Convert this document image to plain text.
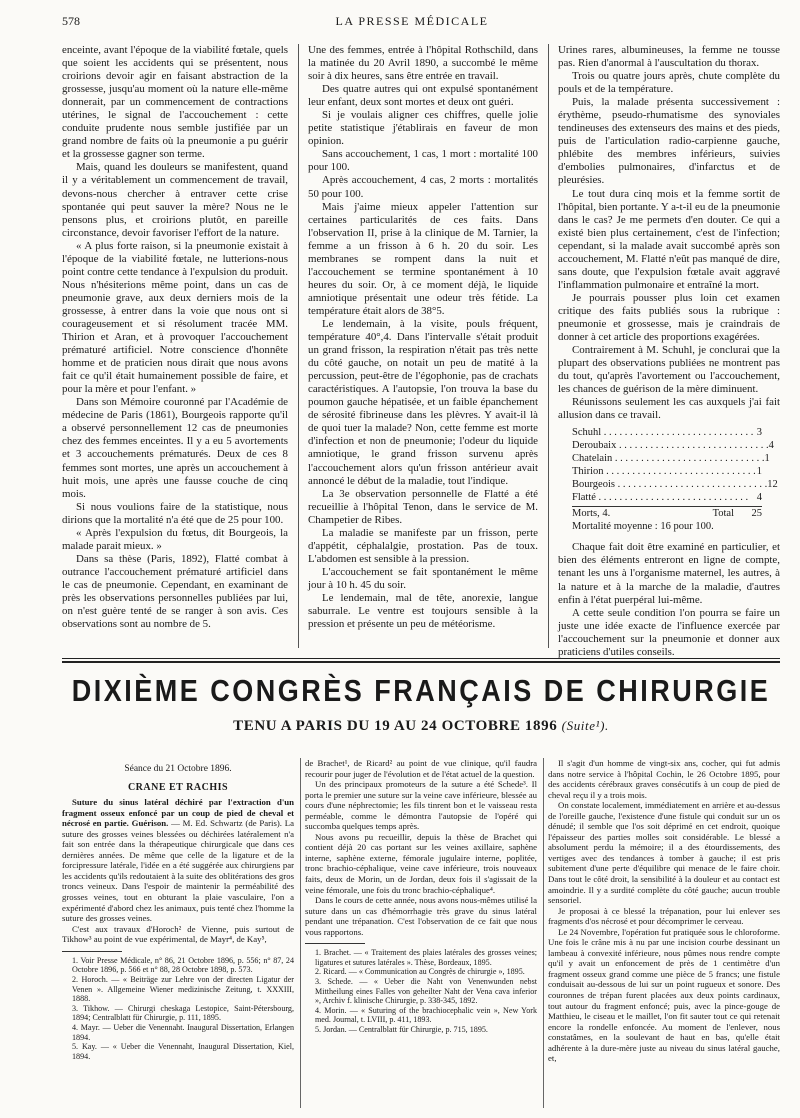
578	LA PRESSE MÉDICALE

enceinte, avant l'époque de la viabilité fœtale, quels que soient les accidents qui se présentent, nous croirions devoir agir en faisant abstraction de la grossesse, jusqu'au moment où la nature elle-même donnerait, par un commencement de contractions utérines, le signal de l'accouchement : cette conduite prudente nous semble justifiée par un grand nombre de faits où la pneumonie a pu guérir et la grossesse gagner son terme.

Mais, quand les douleurs se manifestent, quand il y a véritablement un commencement de travail, devons-nous chercher à entraver cette crise spontanée qui peut sauver la mère? Nous ne le pensons plus, et croirions plutôt, en pareille circonstance, devoir favoriser l'effort de la nature.

« A plus forte raison, si la pneumonie existait à l'époque de la viabilité fœtale, ne lutterions-nous point contre cette tendance à l'expulsion du produit. Nous n'hésiterions même point, dans un cas de pneumonie grave, aux deux derniers mois de la grossesse, à entrer dans la voie que nous ont si courageusement et si résolument tracée MM. Thirion et Aran, et à provoquer l'accouchement prématuré artificiel. Notre conscience d'honnête homme et de praticien nous dirait que nous avons fait ce qu'il était humainement possible de faire, et pour la mère et pour l'enfant. »

Dans son Mémoire couronné par l'Académie de médecine de Paris (1861), Bourgeois rapporte qu'il a observé personnellement 12 cas de pneumonies chez des femmes enceintes. Il y a eu 5 avortements et 3 accouchements prématurés. Deux de ces 8 femmes sont mortes, une après un accouchement à huit mois, une après une fausse couche de cinq mois.

Si nous voulions faire de la statistique, nous dirions que la mortalité n'a été que de 25 pour 100.

« Après l'expulsion du fœtus, dit Bourgeois, la malade parait mieux. »

Dans sa thèse (Paris, 1892), Flatté combat à outrance l'accouchement prématuré artificiel dans le cas de pneumonie. Cependant, en examinant de près les observations personnelles publiées par lui, on n'est guère tenté de se ranger à son avis. Ces observations sont au nombre de 5.

Une des femmes, entrée à l'hôpital Rothschild, dans la matinée du 20 Avril 1890, a succombé le même soir à dix heures, sans être entrée en travail.

Des quatre autres qui ont expulsé spontanément leur enfant, deux sont mortes et deux ont guéri.

Si je voulais aligner ces chiffres, quelle jolie petite statistique j'établirais en faveur de mon opinion.

Sans accouchement, 1 cas, 1 mort : mortalité 100 pour 100.

Après accouchement, 4 cas, 2 morts : mortalités 50 pour 100.

Mais j'aime mieux appeler l'attention sur certaines particularités de ces faits. Dans l'observation II, prise à la clinique de M. Tarnier, la femme a un frisson à 6 h. 20 du soir. Les membranes se rompent dans la nuit et l'accouchement se termine spontanément à 10 heures du soir. Or, à ce moment déjà, le liquide amniotique présentait une odeur très fétide. La température était alors de 38°5.

Le lendemain, à la visite, pouls fréquent, température 40°,4. Dans l'intervalle s'était produit un grand frisson, la respiration n'était pas très nette du côté gauche, on notait un peu de matité à la percussion, peut-être de l'égophonie, pas de crachats caractéristiques. A l'autopsie, l'on trouva la base du poumon gauche hépatisée, et un faible épanchement de sérosité fibrineuse dans les plèvres. Y avait-il là de quoi tuer la malade? Non, cette femme est morte d'infection et non de pneumonie; l'odeur du liquide amniotique, le grand frisson survenu après l'accouchement alors qu'un frisson antérieur avait annoncé le début de la maladie, tout l'indique.

La 3e observation personnelle de Flatté a été recueillie à l'hôpital Tenon, dans le service de M. Champetier de Ribes.

La maladie se manifeste par un frisson, perte d'appétit, céphalalgie, prostation. Pas de toux. L'abdomen est sensible à la pression.

L'accouchement se fait spontanément le même jour à 10 h. 45 du soir.

Le lendemain, mal de tête, anorexie, langue saburrale. Le ventre est toujours sensible à la pression et présente un peu de météorisme.

Urines rares, albumineuses, la femme ne tousse pas. Rien d'anormal à l'auscultation du thorax.

Trois ou quatre jours après, chute complète du pouls et de la température.

Puis, la malade présenta successivement : érythème, pseudo-rhumatisme des synoviales tendineuses des extenseurs des mains et des pieds, puis de l'articulation radio-carpienne gauche, phlébite des membres inférieurs, suivies d'embolies pulmonaires, d'infarctus et de pleurésies.

Le tout dura cinq mois et la femme sortit de l'hôpital, bien portante. Y a-t-il eu de la pneumonie dans le cas? Je me permets d'en douter. Ce qui a existé bien plus certainement, c'est de l'infection; cependant, si la malade avait succombé après son accouchement, M. Flatté n'eût pas manqué de dire, sans doute, que l'expulsion fœtale avait aggravé l'inflammation pulmonaire et entraîné la mort.

Je pourrais pousser plus loin cet examen critique des faits publiés sous la rubrique : pneumonie et grossesse, mais je craindrais de donner à cet article des proportions exagérées.

Contrairement à M. Schuhl, je conclurai que la plupart des observations publiées ne montrent pas du tout, qu'après l'avortement ou l'accouchement, les chances de guérison de la mère diminuent.

Réunissons seulement les cas auxquels j'ai fait allusion dans ce travail.

Schuhl . . .	3
Deroubaix . . .	4
Chatelain . . .	1
Thirion . . .	1
Bourgeois . . .	12
Flatté . . .	4
Morts, 4.	Total	25
Mortalité moyenne : 16 pour 100.

Chaque fait doit être examiné en particulier, et bien des éléments entreront en ligne de compte, tenant les uns à l'organisme maternel, les autres, à la nature et à la marche de la maladie, d'autres enfin à l'état puerpéral lui-même.

A cette seule condition l'on pourra se faire un juste une idée exacte de l'influence exercée par l'accouchement sur la pneumonie et donner aux praticiens d'utiles conseils.

DIXIÈME CONGRÈS FRANÇAIS DE CHIRURGIE
TENU A PARIS DU 19 AU 24 OCTOBRE 1896 (Suite¹).
Séance du 21 Octobre 1896.
CRANE ET RACHIS

Suture du sinus latéral déchiré par l'extraction d'un fragment osseux enfoncé par un coup de pied de cheval et nécrosé en partie. Guérison. — M. Ed. Schwartz (de Paris). La suture des grosses veines blessées ou déchirées latéralement n'a fait son entrée dans la thérapeutique chirurgicale que dans ces dernières années. De même que celle de la ligature et de la forcipressure latérale, l'idée en a été suggérée aux chirurgiens par les accidents qu'ils redoutaient à la suite des oblitérations des gros troncs veineux. Dans l'espoir de maintenir la perméabilité des grosses veines, tout en obturant la plaie vasculaire, l'on a expérimenté d'abord chez les animaux, puis tenté chez l'homme la suture des grosses veines.

C'est aux travaux d'Horoch² de Vienne, puis surtout de Tikhow³ au point de vue expérimental, de Mayr⁴, de Kay⁵,

1. Voir Presse Médicale, n° 86, 21 Octobre 1896, p. 556; n° 87, 24 Octobre 1896, p. 566 et n° 88, 28 Octobre 1898, p. 573.

2. Horoch. — « Beiträge zur Lehre von der directen Ligatur der Venen ». Allgemeine Wiener medizinische Zeitung, t. XXXIII, 1888.

3. Tikhow. — Chirurgi cheskaga Lestopice, Saint-Pétersbourg, 1894; Centralblatt für Chirurgie, p. 111, 1895.

4. Mayr. — Ueber die Venennaht. Inaugural Dissertation, Erlangen 1894.

5. Kay. — « Ueber die Venennaht, Inaugural Dissertation, Kiel, 1894.

de Brachet¹, de Ricard² au point de vue clinique, qu'il faudra recourir pour juger de l'évolution et de l'état actuel de la question.

Un des principaux promoteurs de la suture a été Schede³. Il porta le premier une suture sur la veine cave inférieure, blessée au cours d'une néphrectomie; les fils tinrent bon et le vaisseau resta perméable, comme le démontra l'autopsie de l'opéré qui succomba quelques temps après.

Nous avons pu recueillir, depuis la thèse de Brachet qui contient déjà 20 cas portant sur les veines axillaire, saphène interne, saphène externe, fémorale jugulaire interne, poplitée, tronc brachio-céphalique, veine cave inférieure, trois nouveaux faits, deux de Morin, un de Jordan, deux fois il s'agissait de la veine fémorale, une fois du tronc brachio-céphalique⁴.

Dans le cours de cette année, nous avons nous-mêmes utilisé la suture dans un cas d'hémorrhagie très grave du sinus latéral pendant une trépanation. C'est l'observation de ce fait que nous vous rapportons.

1. Brachet. — « Traitement des plaies latérales des grosses veines; ligatures et sutures latérales ». Thèse, Bordeaux, 1895.

2. Ricard. — « Communication au Congrès de chirurgie », 1895.

3. Schede. — « Ueber die Naht von Venenwunden nebst Mittheilung eines Falles von geheilter Naht der Vena cava inferior », Archiv f. klinische Chirurgie, p. 338-345, 1892.

4. Morin. — « Suturing of the brachiocephalic vein », New York med. Journal, t. LVIII, p. 411, 1893.

5. Jordan. — Centralblatt für Chirurgie, p. 715, 1895.

Il s'agit d'un homme de vingt-six ans, cocher, qui fut admis dans notre service à l'hôpital Cochin, le 26 Octobre 1895, pour des accidents cérébraux graves consécutifs à un coup de pied de cheval reçu il y a trois mois.

On constate localement, immédiatement en arrière et au-dessus de l'oreille gauche, l'existence d'une fistule qui conduit sur un os dénudé; il semble que l'os soit déprimé en cet endroit, quoique l'épaisseur des parties molles soit considérable. Le blessé a absolument perdu la mémoire; il a des étourdissements, des vertiges avec des tendances à tomber à gauche; il est pris subitement d'une perte d'équilibre qui menace de le faire choir. Dans tout le côté droit, la sensibilité à la douleur et au contact est amoindrie. Il y a surdité complète du côté gauche; aucun trouble sensoriel.

Je proposai à ce blessé la trépanation, pour lui enlever ses fragments d'os nécrosé et pour décomprimer le cerveau.

Le 24 Novembre, l'opération fut pratiquée sous le chloroforme. Une fois le crâne mis à nu par une incision courbe dessinant un lambeau à convexité inférieure, nous pûmes nous rendre compte qu'il y avait un enfoncement de près de 1 centimètre d'un fragment osseux grand comme une pièce de 5 francs; une fistule conduisait au-dessous de lui sur un point rugueux et sonore. Des couronnes de trépan furent placées aux deux points cardinaux, tout autour du fragment enfoncé; puis, avec la pince-gouge de Matthieu, le ciseau et le maillet, l'on fit sauter tout ce qui retenait encore la rondelle enfoncée. Au moment de l'enlever, nous constatâmes, en la soulevant de haut en bas, qu'elle était adhérente à la dure-mère juste au niveau du sinus latéral gauche, et,
